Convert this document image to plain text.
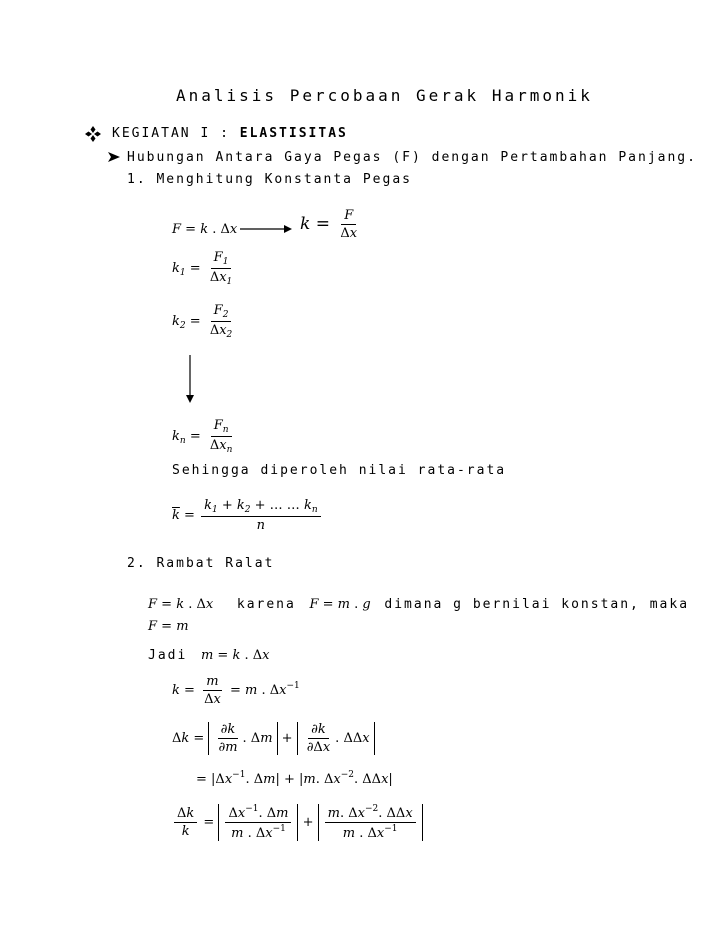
Analisis Percobaan Gerak Harmonik
KEGIATAN I : ELASTISITAS
Hubungan Antara Gaya Pegas (F) dengan Pertambahan Panjang.
1. Menghitung Konstanta Pegas
F = k . Δx	$k = \frac{F}{\Delta x}$
$k_1 = \frac{F_1}{\Delta x_1}$
$k_2 = \frac{F_2}{\Delta x_2}$
$k_n = \frac{F_n}{\Delta x_n}$
Sehingga diperoleh nilai rata-rata
$\overline{k} = \frac{k_1 + k_2 + \dots \dots k_n}{n}$
2. Rambat Ralat
F = k . Δx karena F = m . g dimana g bernilai konstan, maka
F = m
Jadi m = k . Δx
$k = \frac{m}{\Delta x} = m$ . $\Delta x^{-1}$
$\Delta k = \frac{\partial k}{\partial m}$ . $\Delta m + \frac{\partial k}{\partial\Delta x}$ . ΔΔx
= $|\Delta x^{-1}$. Δm| + |m. $\Delta x^{-2}$. ΔΔx|
$\frac{\Delta k}{k} = \frac{\Delta x^{-1}. \Delta m}{m . \Delta x^{-1}} + \frac{m. \Delta x^{-2}. \Delta\Delta x}{m . \Delta x^{-1}}$
